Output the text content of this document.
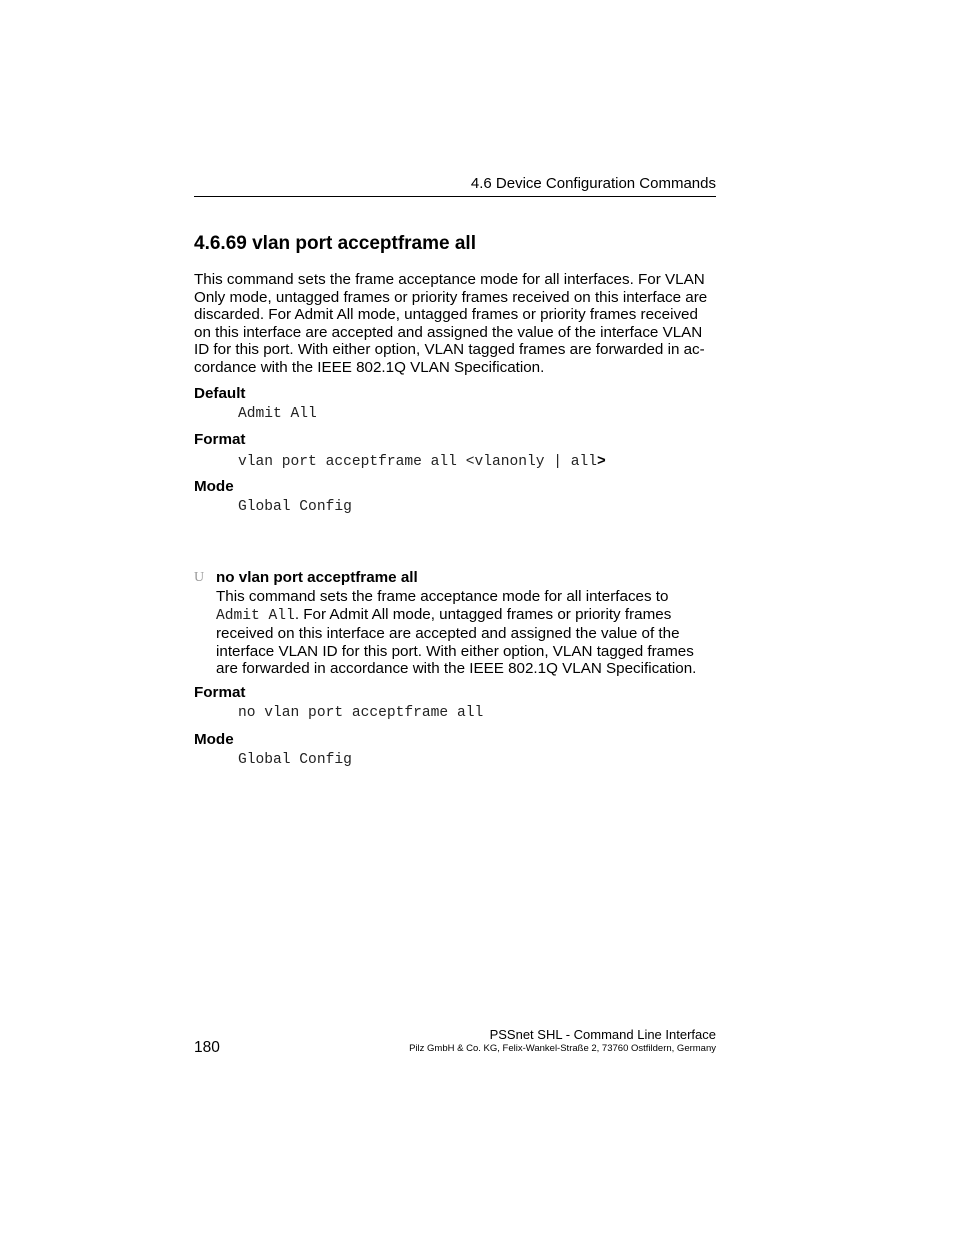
4.6 Device Configuration Commands
4.6.69 vlan port acceptframe all

This command sets the frame acceptance mode for all interfaces. For VLAN
Only mode, untagged frames or priority frames received on this interface are
discarded. For Admit All mode, untagged frames or priority frames received
on this interface are accepted and assigned the value of the interface VLAN
ID for this port. With either option, VLAN tagged frames are forwarded in ac-
cordance with the IEEE 802.1Q VLAN Specification.

Default
Admit All
Format
vlan port acceptframe all <vlanonly | all>
Mode
Global Config
U no vlan port acceptframe all

This command sets the frame acceptance mode for all interfaces to
Admit All. For Admit All mode, untagged frames or priority frames
received on this interface are accepted and assigned the value of the
interface VLAN ID for this port. With either option, VLAN tagged frames
are forwarded in accordance with the IEEE 802.1Q VLAN Specification.

Format
no vlan port acceptframe all
Mode
Global Config
180
PSSnet SHL - Command Line Interface
Pilz GmbH & Co. KG, Felix-Wankel-Straße 2, 73760 Ostfildern, Germany
